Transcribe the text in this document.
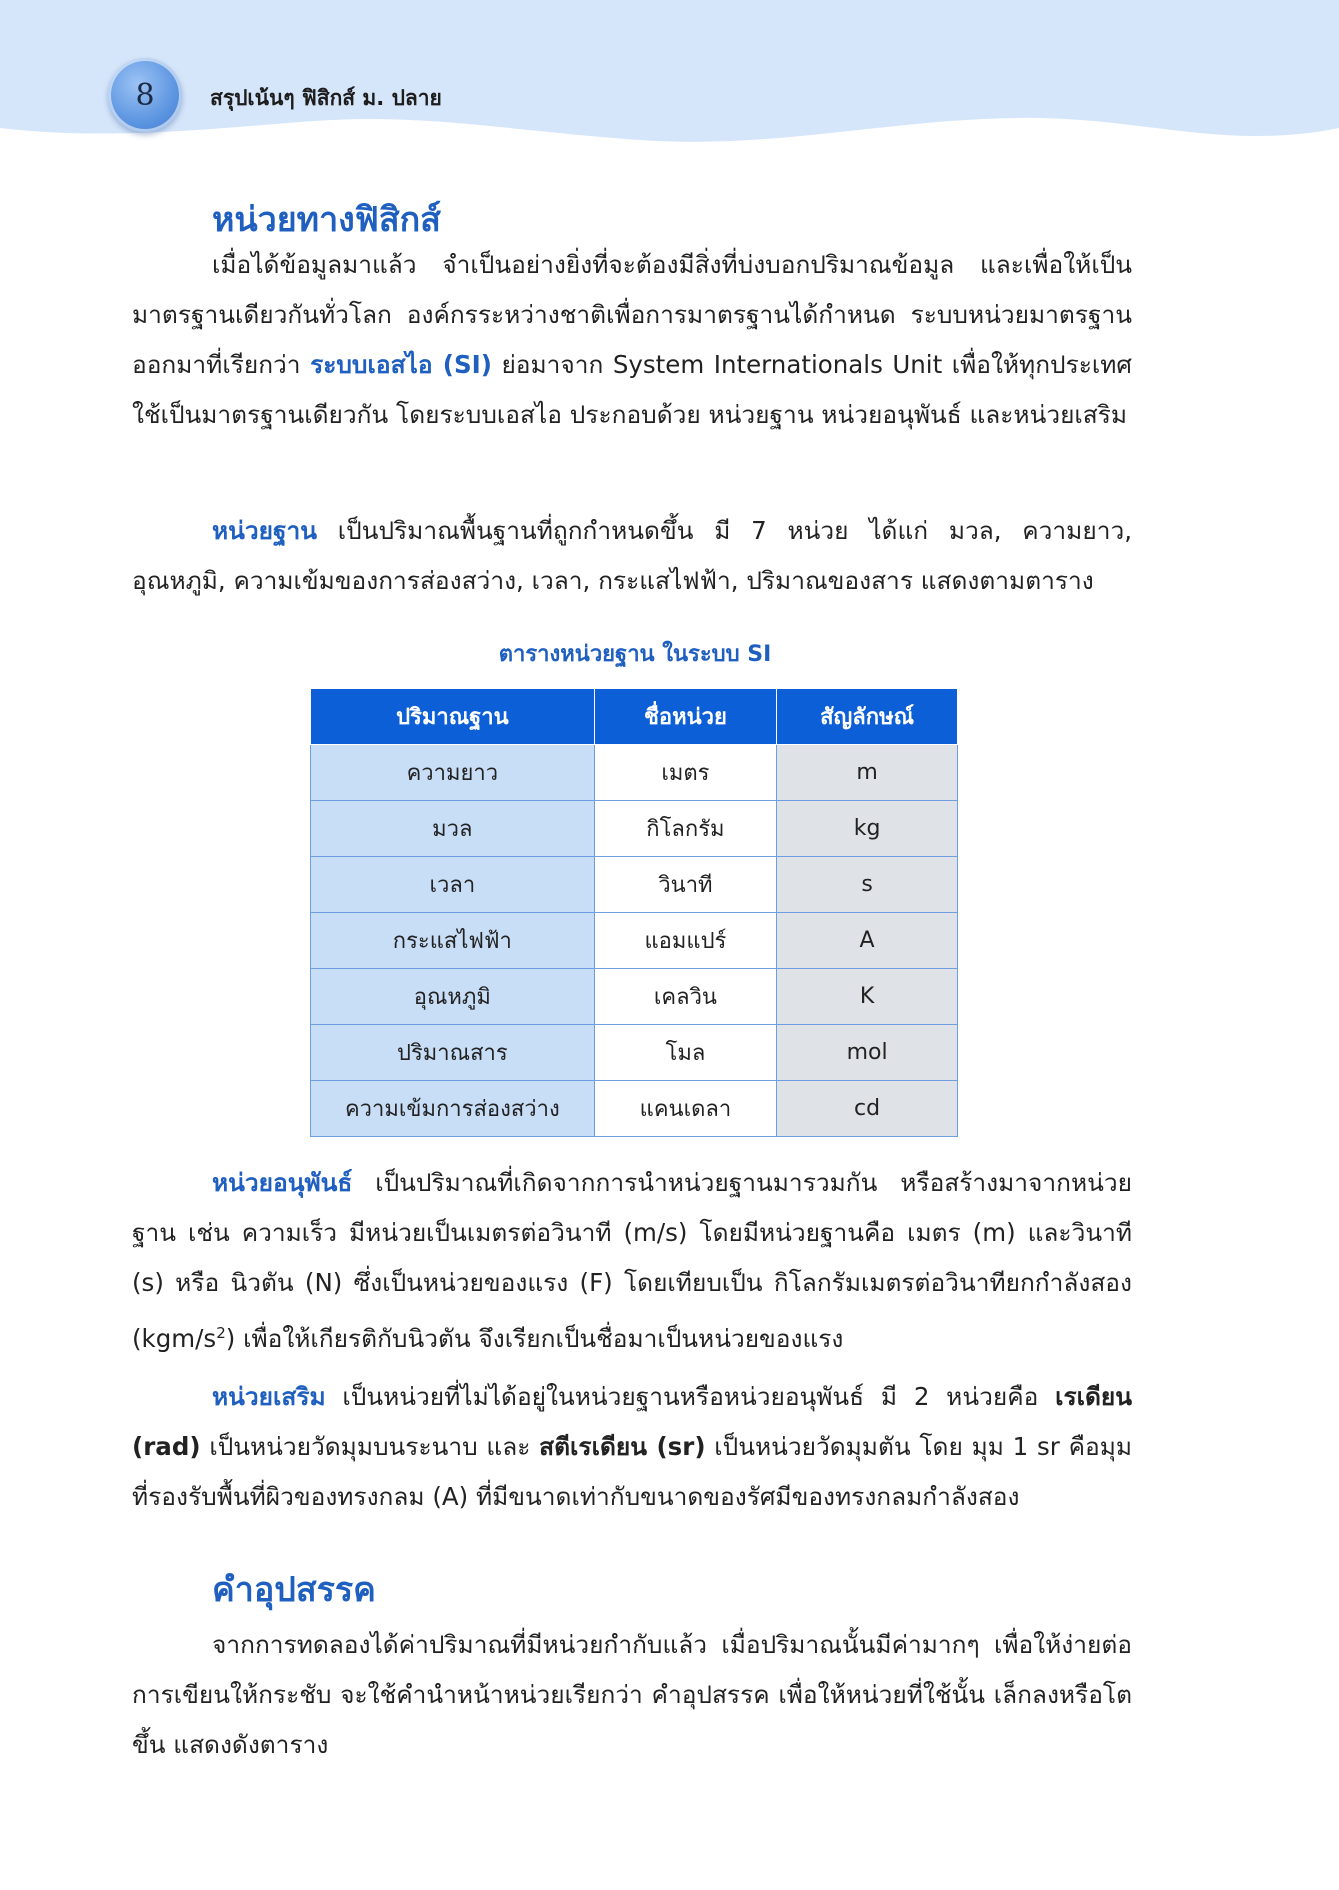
8	สรุปเน้นๆ ฟิสิกส์ ม. ปลาย
หน่วยทางฟิสิกส์

เมื่อได้ข้อมูลมาแล้ว จำเป็นอย่างยิ่งที่จะต้องมีสิ่งที่บ่งบอกปริมาณข้อมูล และเพื่อให้เป็นมาตรฐานเดียวกันทั่วโลก องค์กรระหว่างชาติเพื่อการมาตรฐานได้กำหนด ระบบหน่วยมาตรฐานออกมาที่เรียกว่า ระบบเอสไอ (SI) ย่อมาจาก System Internationals Unit เพื่อให้ทุกประเทศใช้เป็นมาตรฐานเดียวกัน โดยระบบเอสไอ ประกอบด้วย หน่วยฐาน หน่วยอนุพันธ์ และหน่วยเสริม

หน่วยฐาน เป็นปริมาณพื้นฐานที่ถูกกำหนดขึ้น มี 7 หน่วย ได้แก่ มวล, ความยาว, อุณหภูมิ, ความเข้มของการส่องสว่าง, เวลา, กระแสไฟฟ้า, ปริมาณของสาร แสดงตามตาราง

ตารางหน่วยฐาน ในระบบ SI
ปริมาณฐาน	ชื่อหน่วย	สัญลักษณ์
ความยาว	เมตร	m
มวล	กิโลกรัม	kg
เวลา	วินาที	s
กระแสไฟฟ้า	แอมแปร์	A
อุณหภูมิ	เคลวิน	K
ปริมาณสาร	โมล	mol
ความเข้มการส่องสว่าง	แคนเดลา	cd

หน่วยอนุพันธ์ เป็นปริมาณที่เกิดจากการนำหน่วยฐานมารวมกัน หรือสร้างมาจากหน่วยฐาน เช่น ความเร็ว มีหน่วยเป็นเมตรต่อวินาที (m/s) โดยมีหน่วยฐานคือ เมตร (m) และวินาที (s) หรือ นิวตัน (N) ซึ่งเป็นหน่วยของแรง (F) โดยเทียบเป็น กิโลกรัมเมตรต่อวินาทียกกำลังสอง $(kgm/s^2)$ เพื่อให้เกียรติกับนิวตัน จึงเรียกเป็นชื่อมาเป็นหน่วยของแรง

หน่วยเสริม เป็นหน่วยที่ไม่ได้อยู่ในหน่วยฐานหรือหน่วยอนุพันธ์ มี 2 หน่วยคือ เรเดียน (rad) เป็นหน่วยวัดมุมบนระนาบ และ สตีเรเดียน (sr) เป็นหน่วยวัดมุมตัน โดย มุม 1 sr คือมุมที่รองรับพื้นที่ผิวของทรงกลม (A) ที่มีขนาดเท่ากับขนาดของรัศมีของทรงกลมกำลังสอง

คำอุปสรรค

จากการทดลองได้ค่าปริมาณที่มีหน่วยกำกับแล้ว เมื่อปริมาณนั้นมีค่ามากๆ เพื่อให้ง่ายต่อการเขียนให้กระชับ จะใช้คำนำหน้าหน่วยเรียกว่า คำอุปสรรค เพื่อให้หน่วยที่ใช้นั้น เล็กลงหรือโตขึ้น แสดงดังตาราง
